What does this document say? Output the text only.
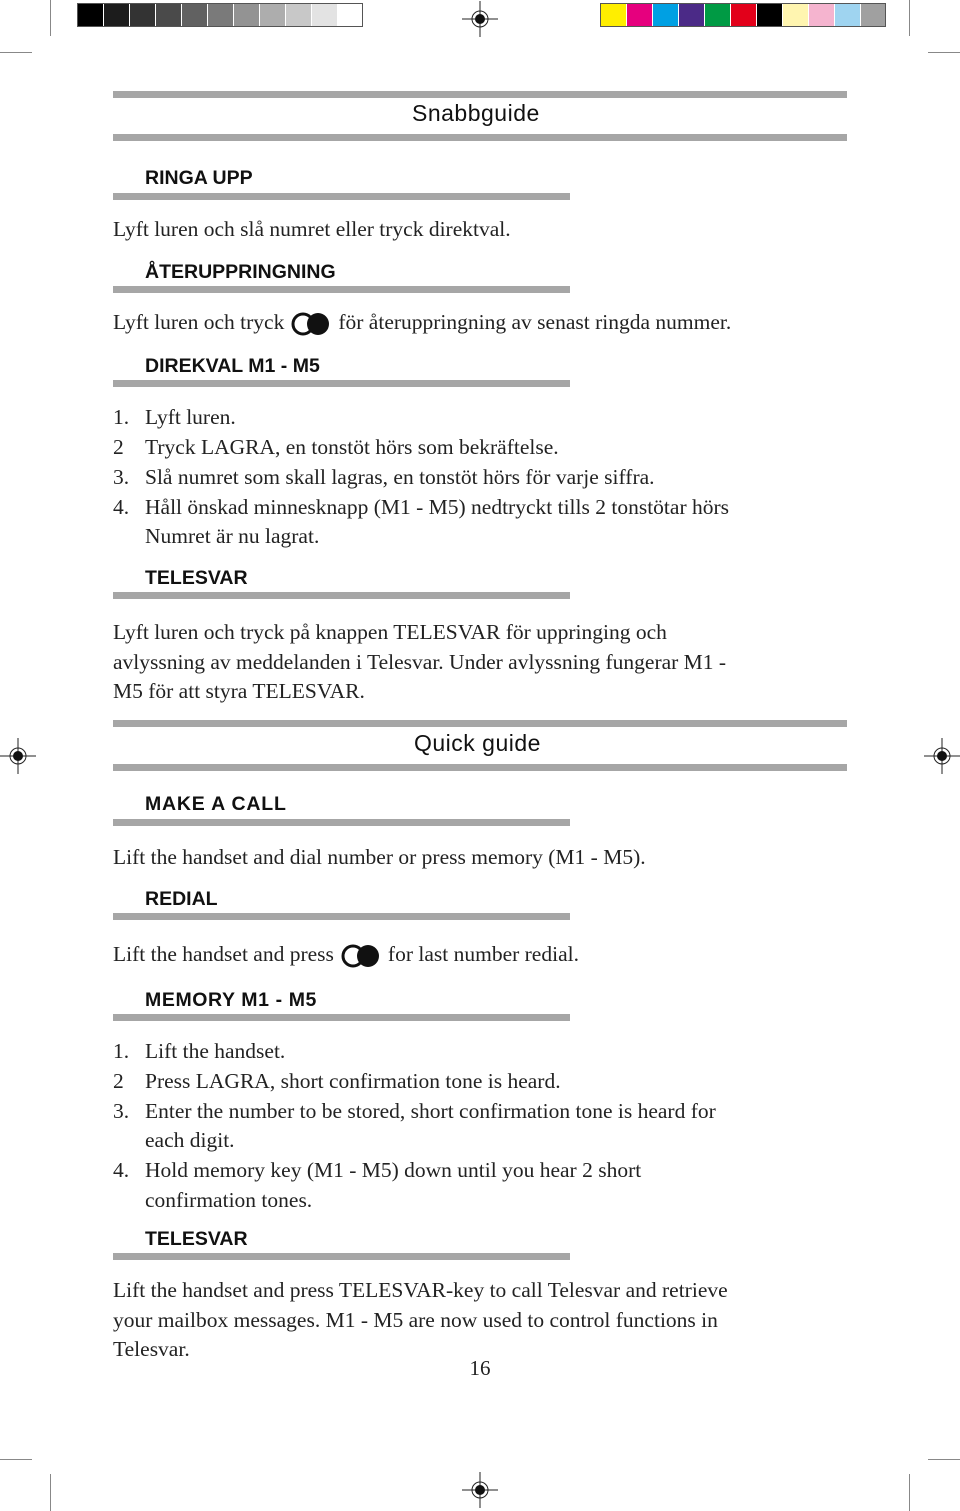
Snabbguide
RINGA UPP
Lyft luren och slå numret eller tryck direktval.
ÅTERUPPRINGNING
Lyft luren och tryck	för återuppringning av senast ringda nummer.
DIREKVAL M1 - M5
1. Lyft luren.
2 Tryck LAGRA, en tonstöt hörs som bekräftelse.
3. Slå numret som skall lagras, en tonstöt hörs för varje siffra.
4. Håll önskad minnesknapp (M1 - M5) nedtryckt tills 2 tonstötar hörs
Numret är nu lagrat.
TELESVAR
Lyft luren och tryck på knappen TELESVAR för uppringing och
avlyssning av meddelanden i Telesvar. Under avlyssning fungerar M1 -
M5 för att styra TELESVAR.
Quick guide
MAKE A CALL
Lift the handset and dial number or press memory (M1 - M5).
REDIAL
Lift the handset and press	for last number redial.
MEMORY M1 - M5
1. Lift the handset.
2 Press LAGRA, short confirmation tone is heard.
3. Enter the number to be stored, short confirmation tone is heard for
each digit.
4. Hold memory key (M1 - M5) down until you hear 2 short
confirmation tones.
TELESVAR
Lift the handset and press TELESVAR-key to call Telesvar and retrieve
your mailbox messages. M1 - M5 are now used to control functions in
Telesvar.
16
